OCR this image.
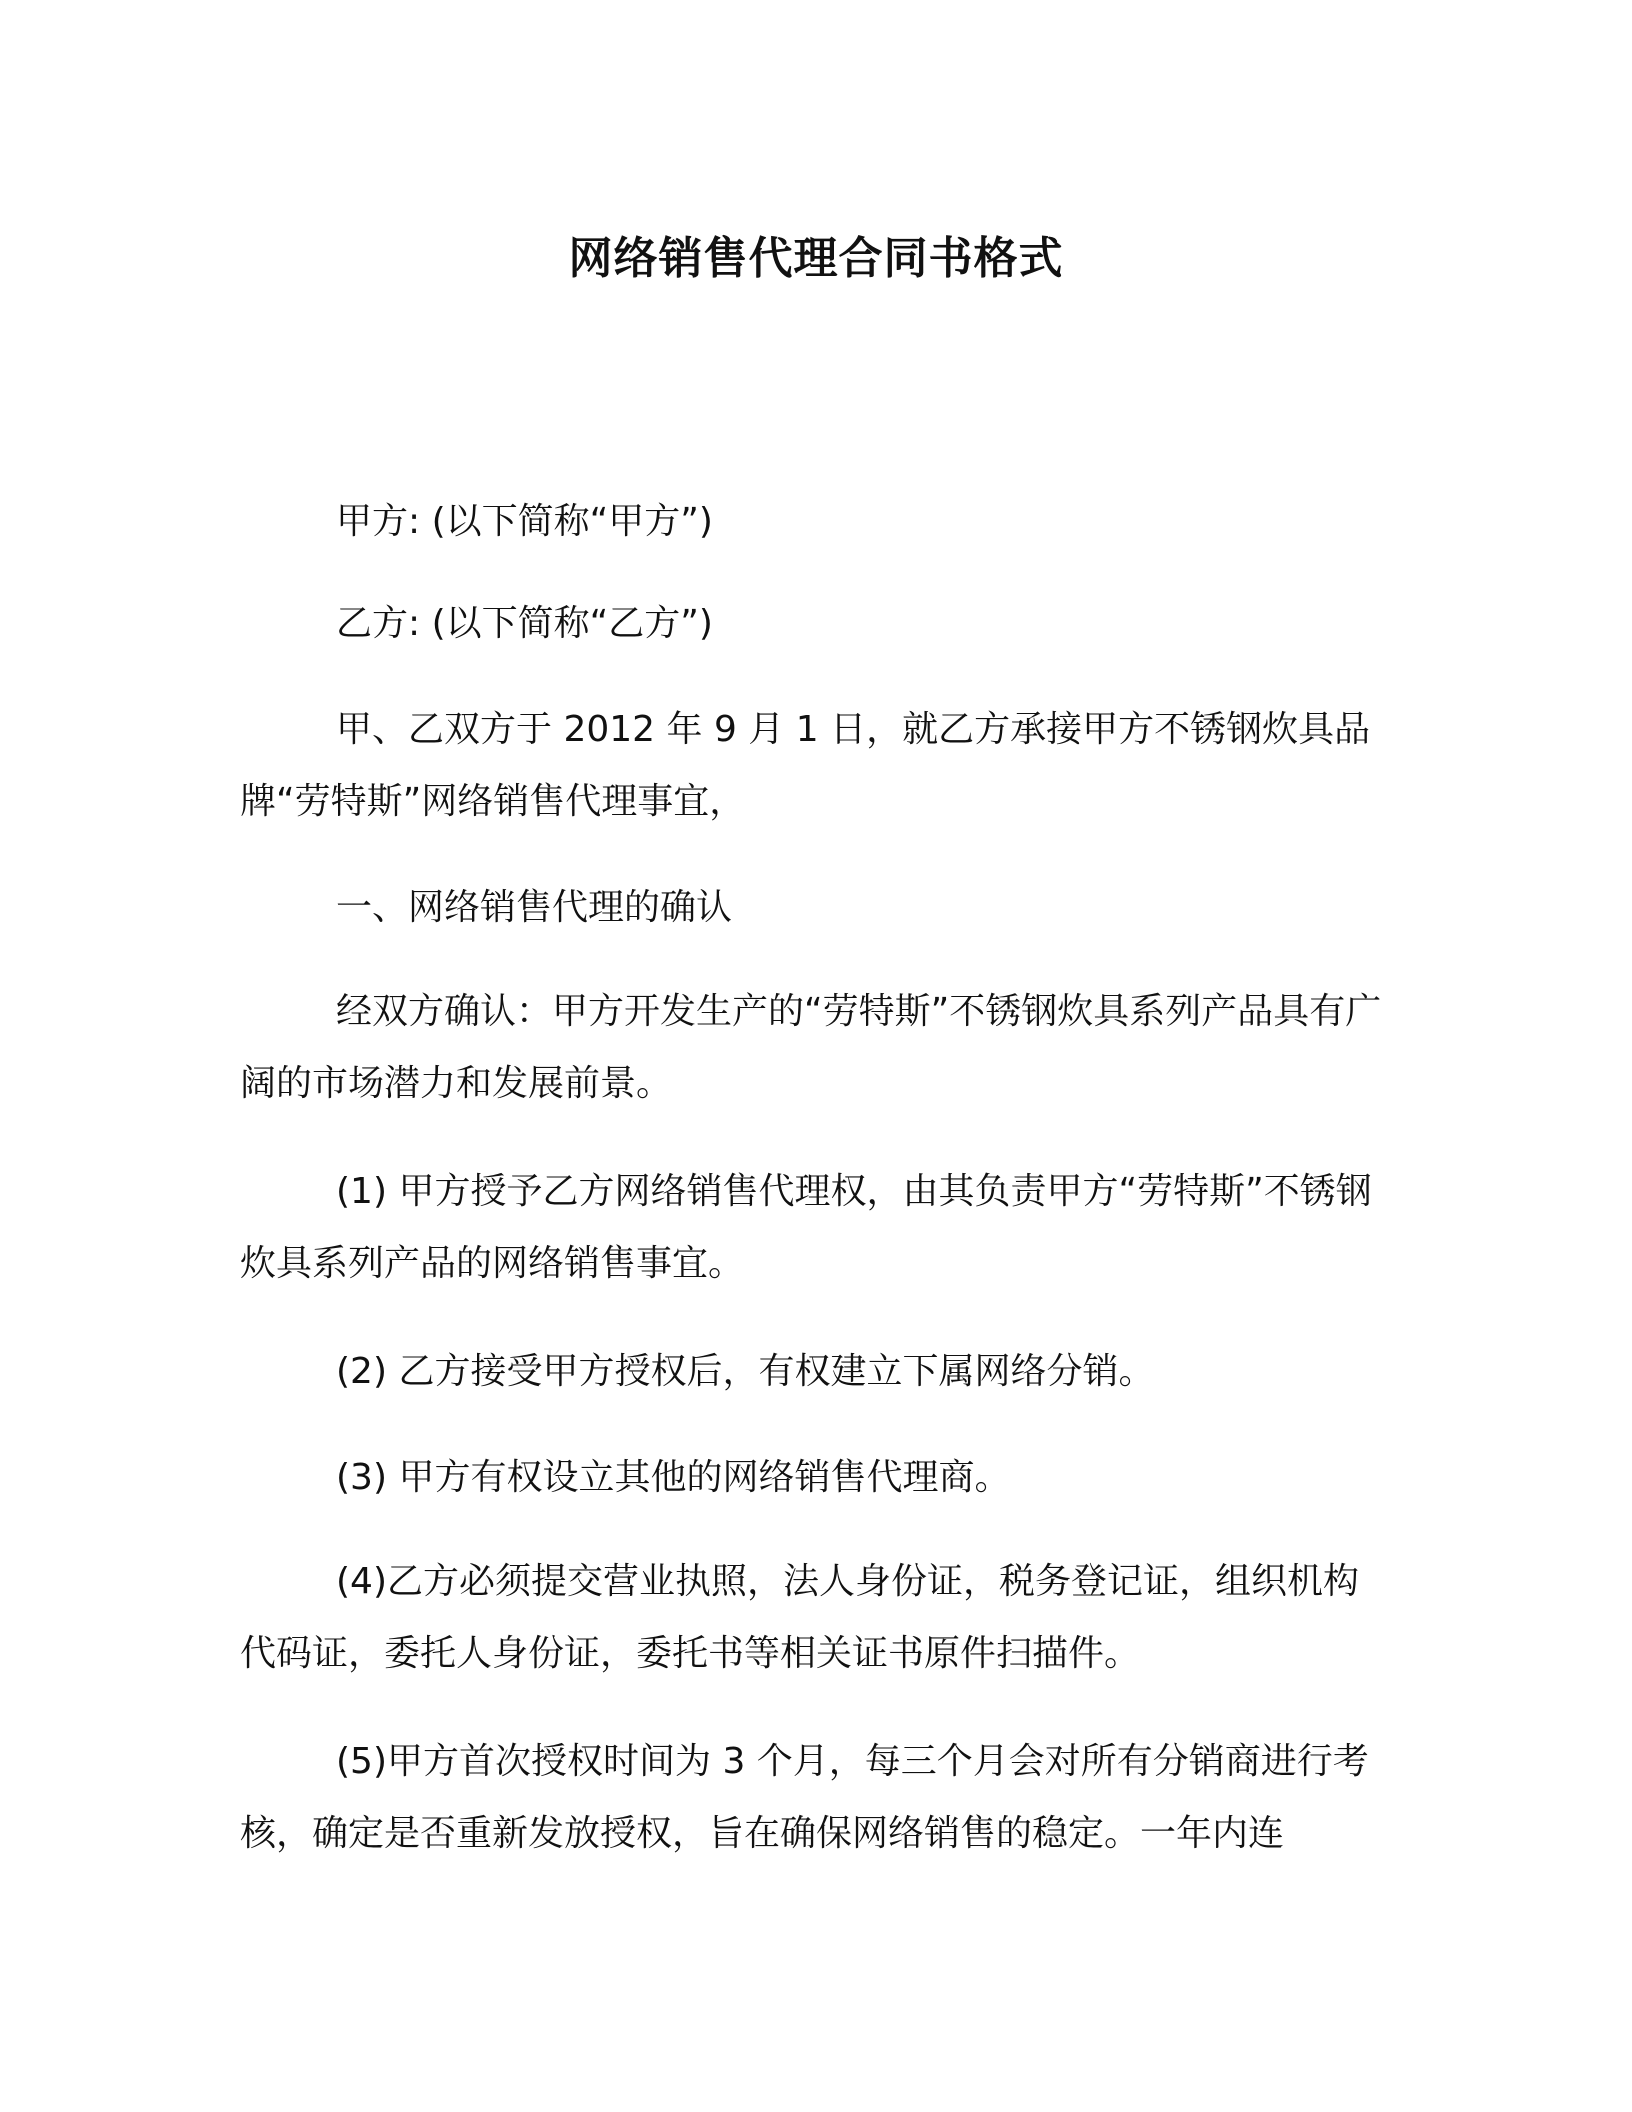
网络销售代理合同书格式

甲方: (以下简称“甲方”)

乙方: (以下简称“乙方”)

甲、乙双方于 2012 年 9 月 1 日，就乙方承接甲方不锈钢炊具品牌“劳特斯”网络销售代理事宜，

一、网络销售代理的确认

经双方确认：甲方开发生产的“劳特斯”不锈钢炊具系列产品具有广阔的市场潜力和发展前景。

(1) 甲方授予乙方网络销售代理权，由其负责甲方“劳特斯”不锈钢炊具系列产品的网络销售事宜。

(2) 乙方接受甲方授权后，有权建立下属网络分销。

(3) 甲方有权设立其他的网络销售代理商。

(4)乙方必须提交营业执照，法人身份证，税务登记证，组织机构代码证，委托人身份证，委托书等相关证书原件扫描件。

(5)甲方首次授权时间为 3 个月，每三个月会对所有分销商进行考核，确定是否重新发放授权，旨在确保网络销售的稳定。一年内连
